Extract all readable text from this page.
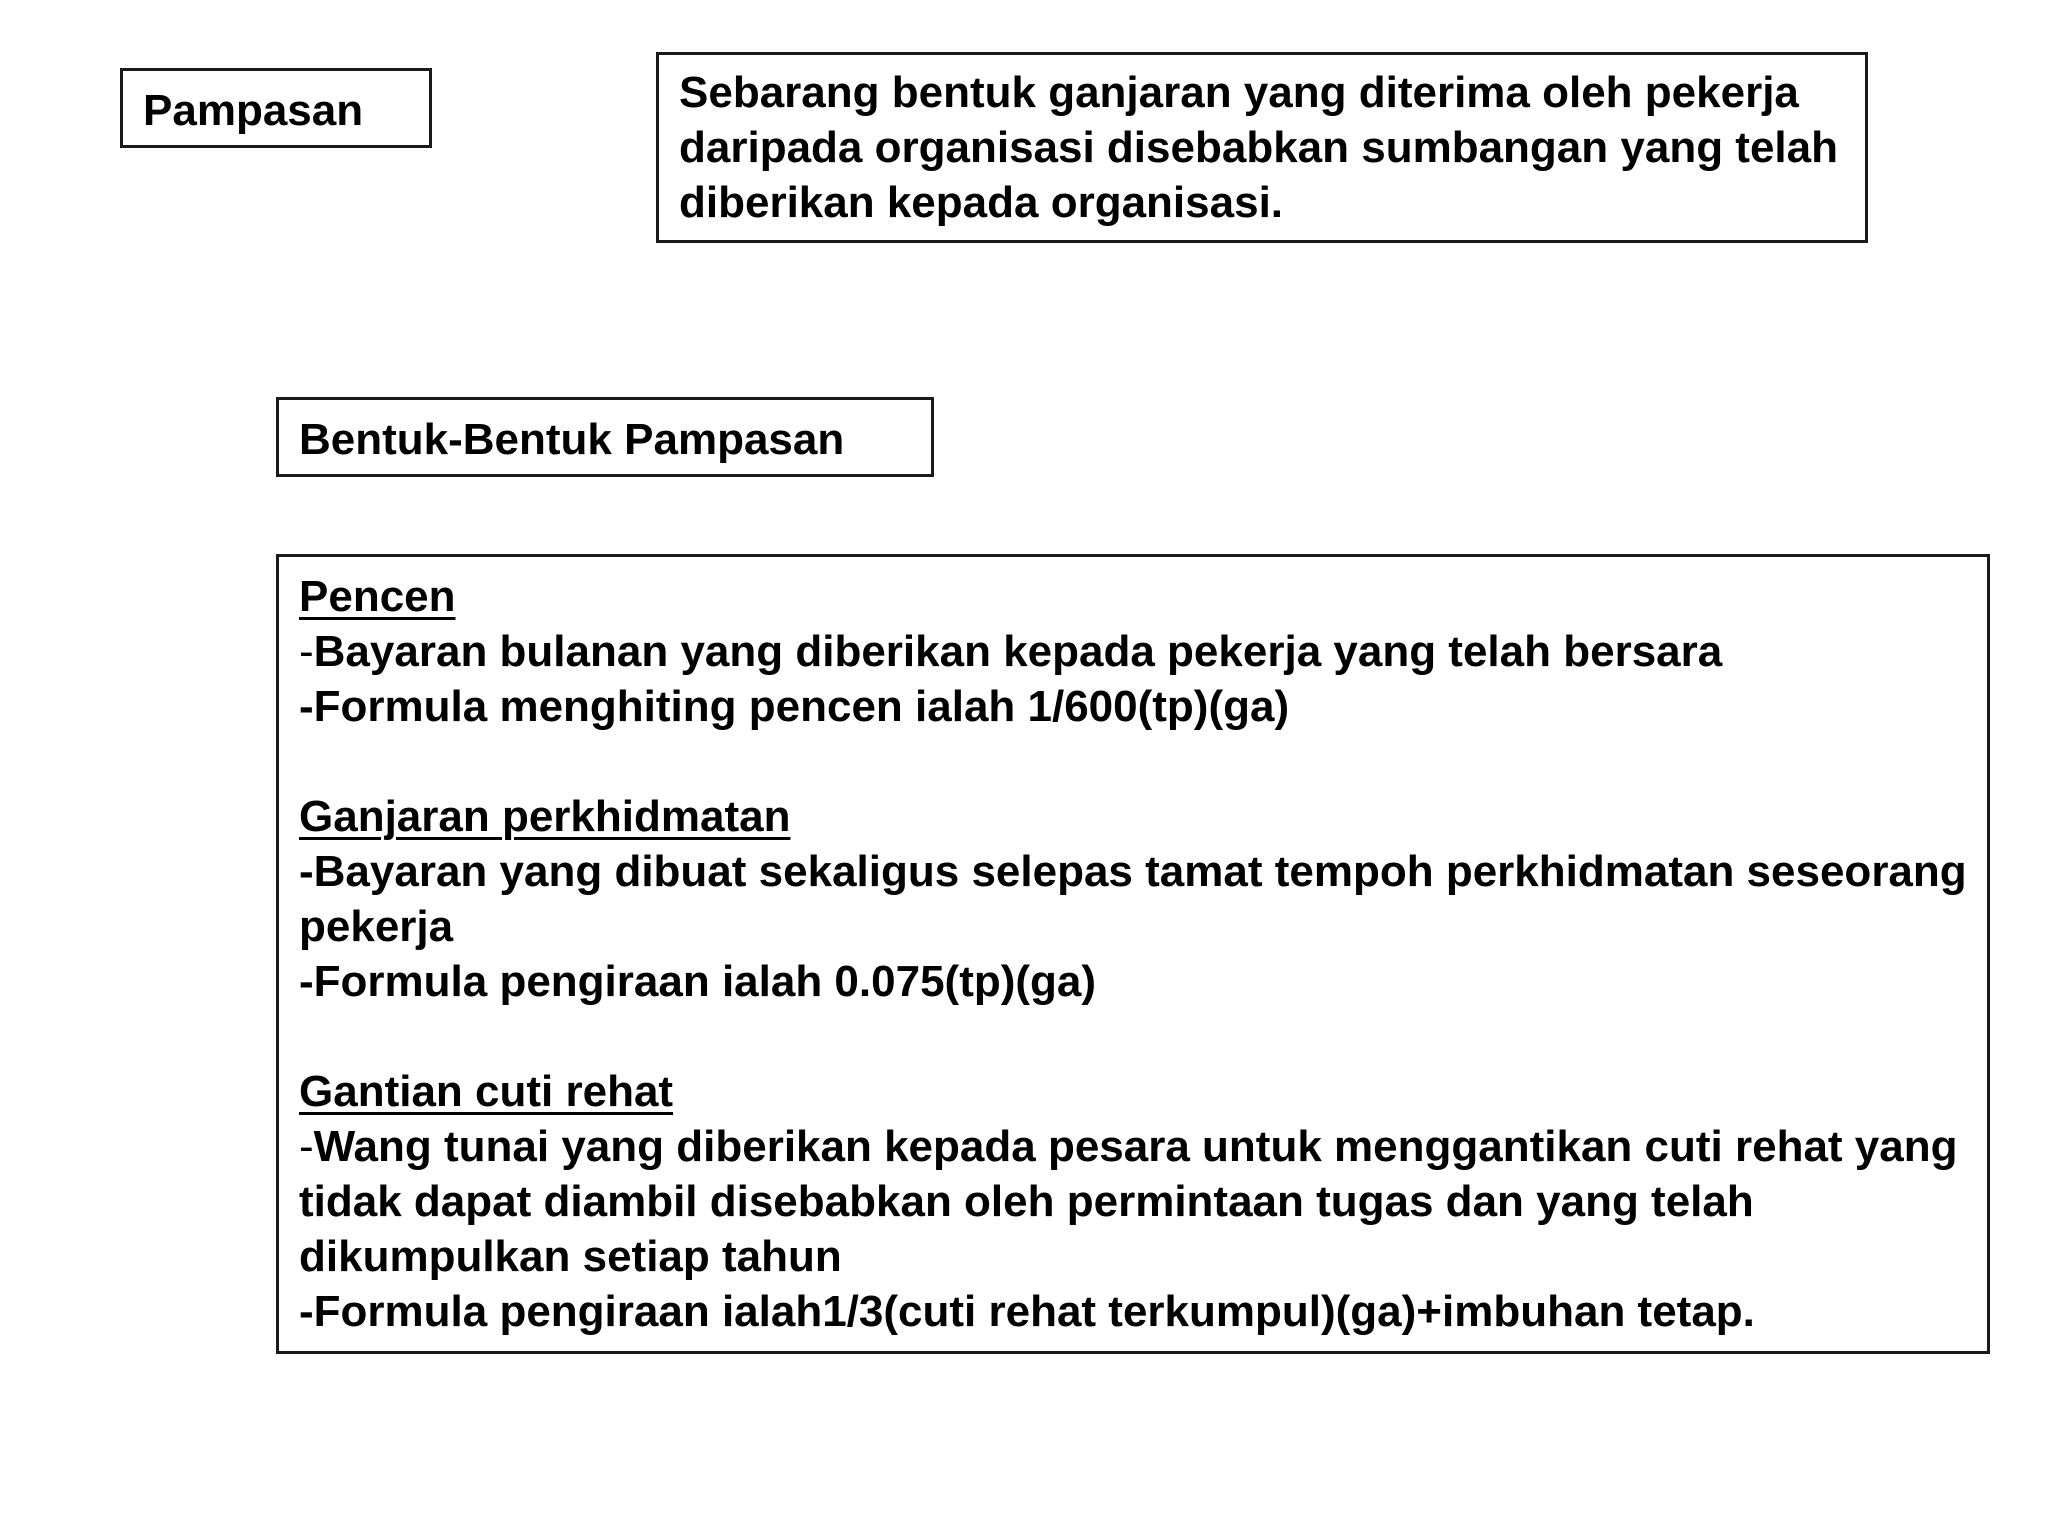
Pampasan	Sebarang bentuk ganjaran yang diterima oleh pekerja daripada organisasi disebabkan sumbangan yang telah diberikan kepada organisasi.
Bentuk-Bentuk Pampasan
Pencen
-Bayaran bulanan yang diberikan kepada pekerja yang telah bersara
-Formula menghiting pencen ialah 1/600(tp)(ga)
Ganjaran perkhidmatan
-Bayaran yang dibuat sekaligus selepas tamat tempoh perkhidmatan seseorang pekerja
-Formula pengiraan ialah 0.075(tp)(ga)
Gantian cuti rehat
-Wang tunai yang diberikan kepada pesara untuk menggantikan cuti rehat yang tidak dapat diambil disebabkan oleh permintaan tugas dan yang telah dikumpulkan setiap tahun
-Formula pengiraan ialah1/3(cuti rehat terkumpul)(ga)+imbuhan tetap.
